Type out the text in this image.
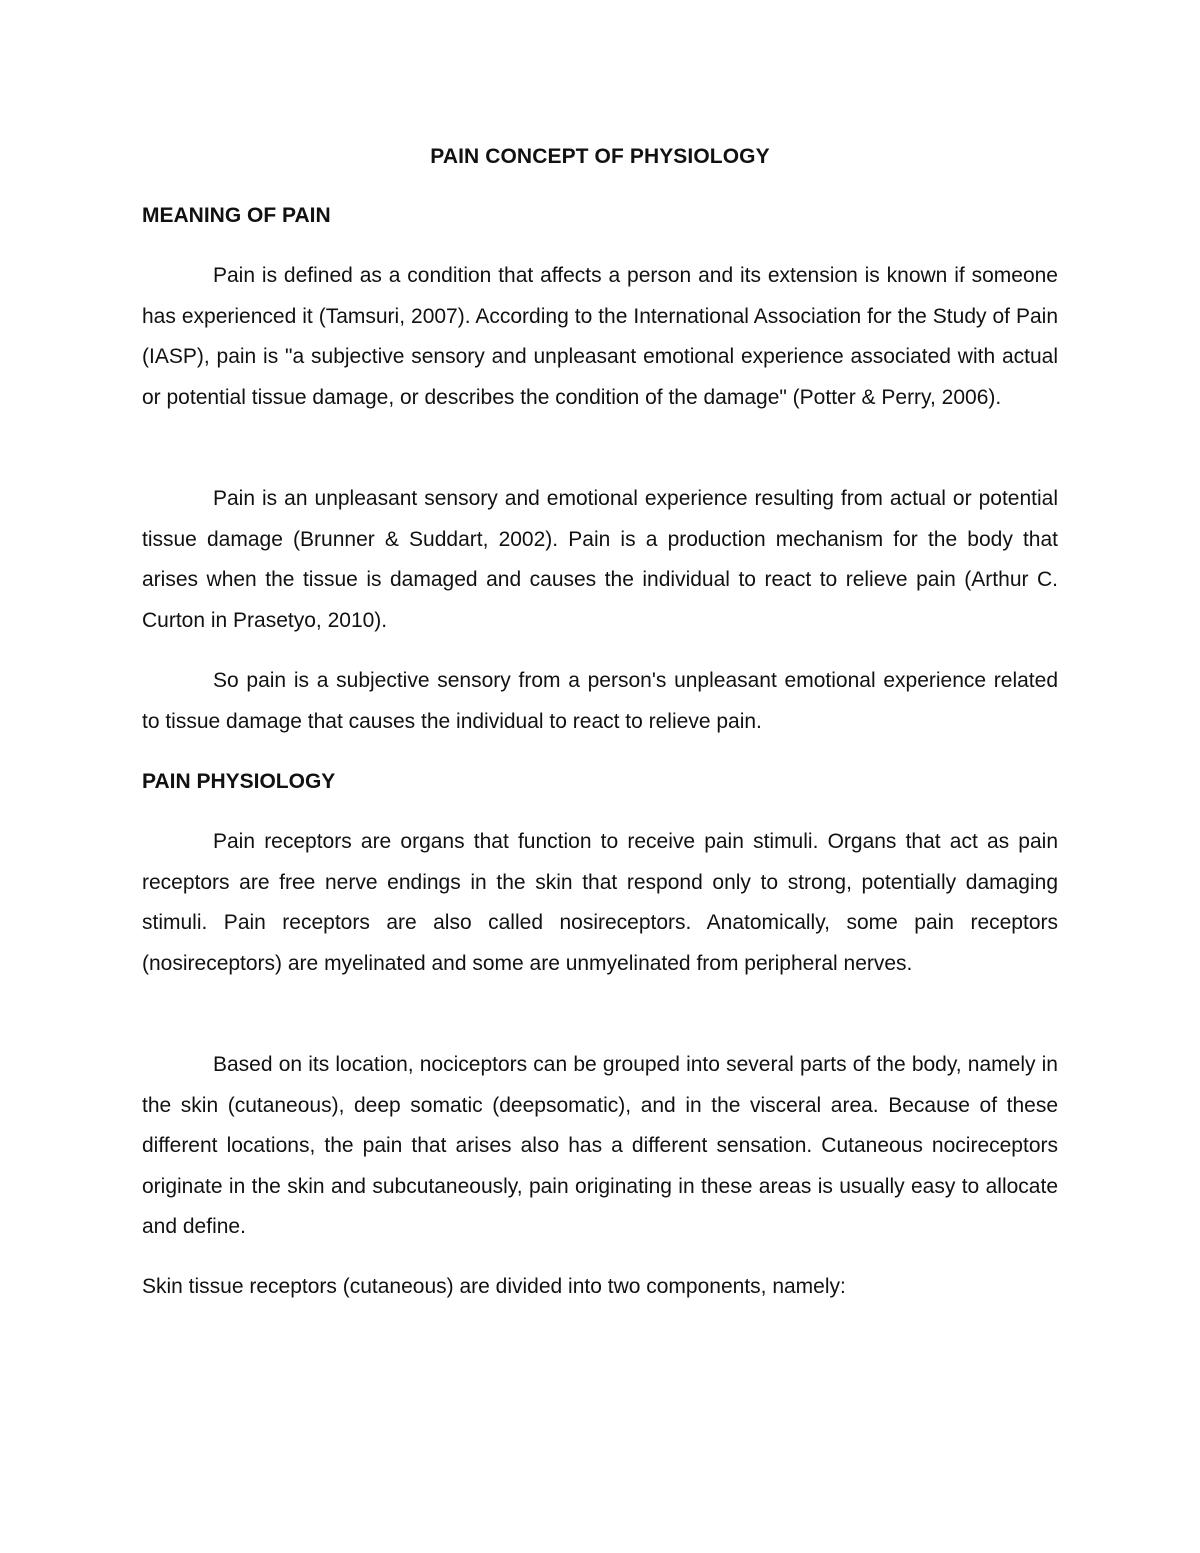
PAIN CONCEPT OF PHYSIOLOGY
MEANING OF PAIN

Pain is defined as a condition that affects a person and its extension is known if someone has experienced it (Tamsuri, 2007). According to the International Association for the Study of Pain (IASP), pain is "a subjective sensory and unpleasant emotional experience associated with actual or potential tissue damage, or describes the condition of the damage" (Potter & Perry, 2006).

Pain is an unpleasant sensory and emotional experience resulting from actual or potential tissue damage (Brunner & Suddart, 2002). Pain is a production mechanism for the body that arises when the tissue is damaged and causes the individual to react to relieve pain (Arthur C. Curton in Prasetyo, 2010).

So pain is a subjective sensory from a person's unpleasant emotional experience related to tissue damage that causes the individual to react to relieve pain.

PAIN PHYSIOLOGY

Pain receptors are organs that function to receive pain stimuli. Organs that act as pain receptors are free nerve endings in the skin that respond only to strong, potentially damaging stimuli. Pain receptors are also called nosireceptors. Anatomically, some pain receptors (nosireceptors) are myelinated and some are unmyelinated from peripheral nerves.

Based on its location, nociceptors can be grouped into several parts of the body, namely in the skin (cutaneous), deep somatic (deepsomatic), and in the visceral area. Because of these different locations, the pain that arises also has a different sensation. Cutaneous nocireceptors originate in the skin and subcutaneously, pain originating in these areas is usually easy to allocate and define.

Skin tissue receptors (cutaneous) are divided into two components, namely:
